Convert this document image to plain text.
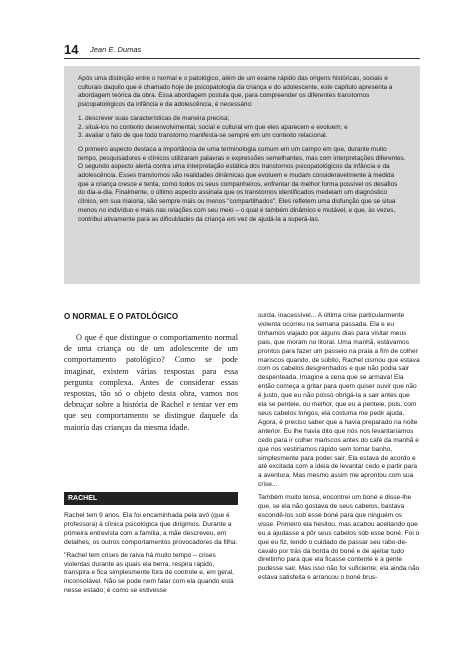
14 Jean E. Dumas

Após uma distinção entre o normal e o patológico, além de um exame rápido das origens históricas, sociais e culturais daquilo que é chamado hoje de psicopatologia da criança e do adolescente, este capítulo apresenta a abordagem teórica da obra. Essa abordagem postula que, para compreender os diferentes transtornos psicopatológicos da infância e da adolescência, é necessário:

1. descrever suas características de maneira precisa;
2. situá-los no contexto desenvolvimental, social e cultural em que eles aparecem e evoluem; e
3. avaliar o fato de que todo transtorno manifesta-se sempre em um contexto relacional.

O primeiro aspecto destaca a importância de uma terminologia comum em um campo em que, durante muito tempo, pesquisadores e clínicos utilizaram palavras e expressões semelhantes, mas com interpretações diferentes. O segundo aspecto alerta contra uma interpretação estática dos transtornos psicopatológicos da infância e da adolescência. Esses transtornos são realidades dinâmicas que evoluem e mudam consideravelmente à medida que a criança cresce e tenta, como todos os seus companheiros, enfrentar da melhor forma possível os desafios do dia-a-dia. Finalmente, o último aspecto assinala que os transtornos identificados medeiam um diagnóstico clínico, em sua maioria, são sempre mais ou menos "compartilhados". Eles refletem uma disfunção que se situa menos no indivíduo e mais nas relações com seu meio – o qual é também dinâmico e mutável, e que, às vezes, contribui ativamente para as dificuldades da criança em vez de ajudá-la a superá-las.

O NORMAL E O PATOLÓGICO

O que é que distingue o comportamento normal de uma criança ou de um adolescente de um comportamento patológico? Como se pode imaginar, existem várias respostas para essa pergunta complexa. Antes de considerar essas respostas, tão só o objeto desta obra, vamos nos debruçar sobre a história de Rachel e tentar ver em que seu comportamento se distingue daquele da maioria das crianças da mesma idade.

RACHEL

Rachel tem 9 anos. Ela foi encaminhada pela avó (que é professora) à clínica psicológica que dirigimos. Durante a primeira entrevista com a família, a mãe descreveu, em detalhes, os outros comportamentos provocadores da filha:

"Rachel tem crises de raiva há muito tempo – crises violentas durante as quais ela berra, respira rápido, transpira e fica simplesmente fora de controle e, em geral, inconsolável. Não se pode nem falar com ela quando está nesse estado; é como se estivesse

surda, inacessível... A última crise particularmente violenta ocorreu na semana passada. Ela e eu tínhamos viajado por alguns dias para visitar meus pais, que moram no litoral. Uma manhã, estávamos prontos para fazer um passeio na praia a fim de colher mariscos quando, de súbito, Rachel cismou que estava com os cabelos desgrenhados e que não podia sair despenteada. Imagine a cena que se armava! Ela então começa a gritar para quem quiser ouvir que não é justo, que eu não posso obrigá-la a sair antes que ela se penteie, ou melhor, que eu a penteie, pois, com seus cabelos longos, ela costuma me pedir ajuda. Agora, é preciso saber que a havia preparado na noite anterior. Eu lhe havia dito que nós nos levantaríamos cedo para ir colher mariscos antes do café da manhã e que nos vestiríamos rápido sem tomar banho, simplesmente para poder sair. Ela estava de acordo e até excitada com a ideia de levantar cedo e partir para a aventura. Mas mesmo assim me aprontou com sua crise...

Também muito tensa, encontrei um boné e disse-lhe que, se ela não gostava de seus cabelos, bastava escondê-los sob esse boné para que ninguém os visse. Primeiro ela hesitou, mas acabou aceitando que eu a ajudasse a pôr seus cabelos sob esse boné. Foi o que eu fiz, tendo o cuidado de passar seu rabo-de-cavalo por trás da borda do boné e de ajeitar tudo direitinho para que ela ficasse contente e a gente pudesse sair. Mas isso não foi suficiente; ela ainda não estava satisfeita e arrancou o boné brus-
